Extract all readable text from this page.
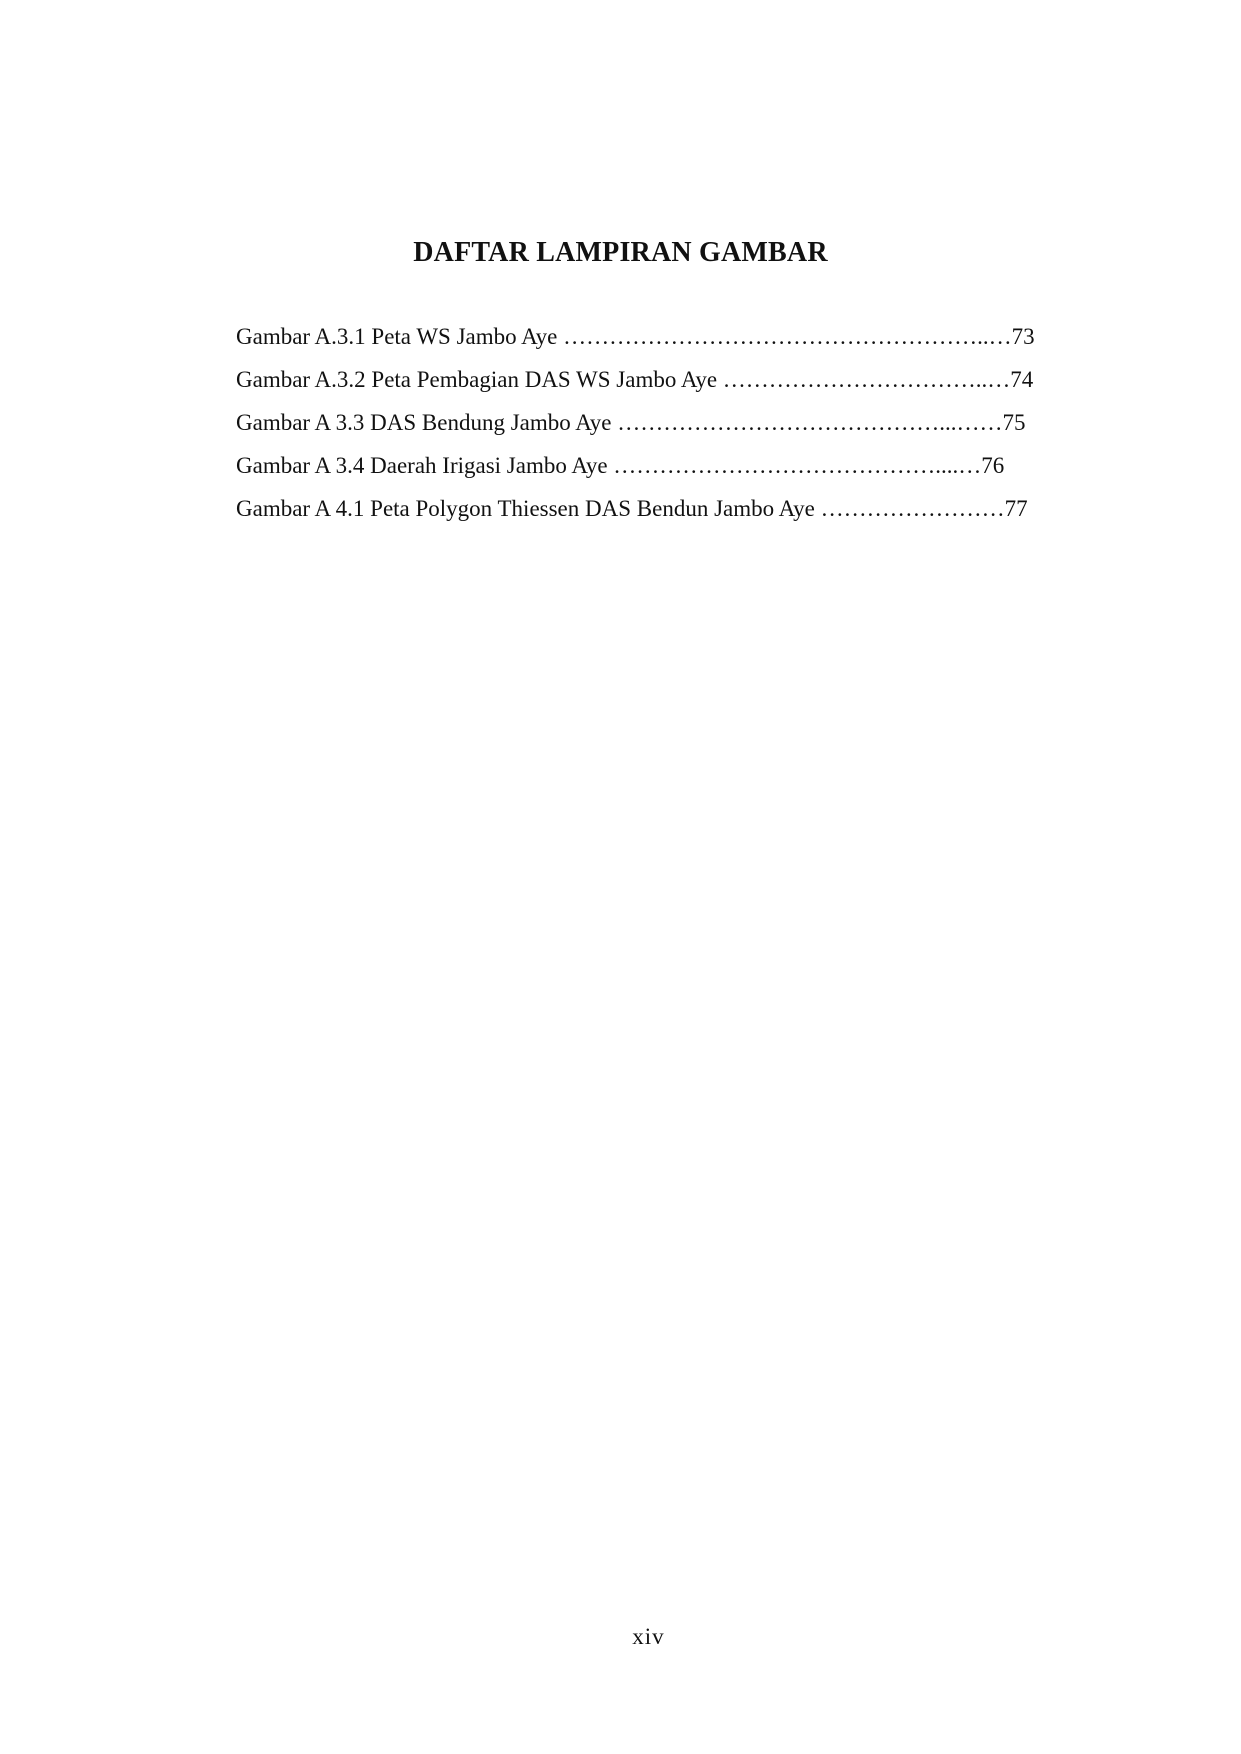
DAFTAR LAMPIRAN GAMBAR
Gambar A.3.1 Peta WS Jambo Aye ………………………………………………..…73
Gambar A.3.2 Peta Pembagian DAS WS Jambo Aye ……………………………..…74
Gambar A 3.3 DAS Bendung Jambo Aye ……………………………………...……75
Gambar A 3.4 Daerah Irigasi Jambo Aye ……………………………………....…76
Gambar A 4.1 Peta Polygon Thiessen DAS Bendun Jambo Aye ……………………77
xiv
